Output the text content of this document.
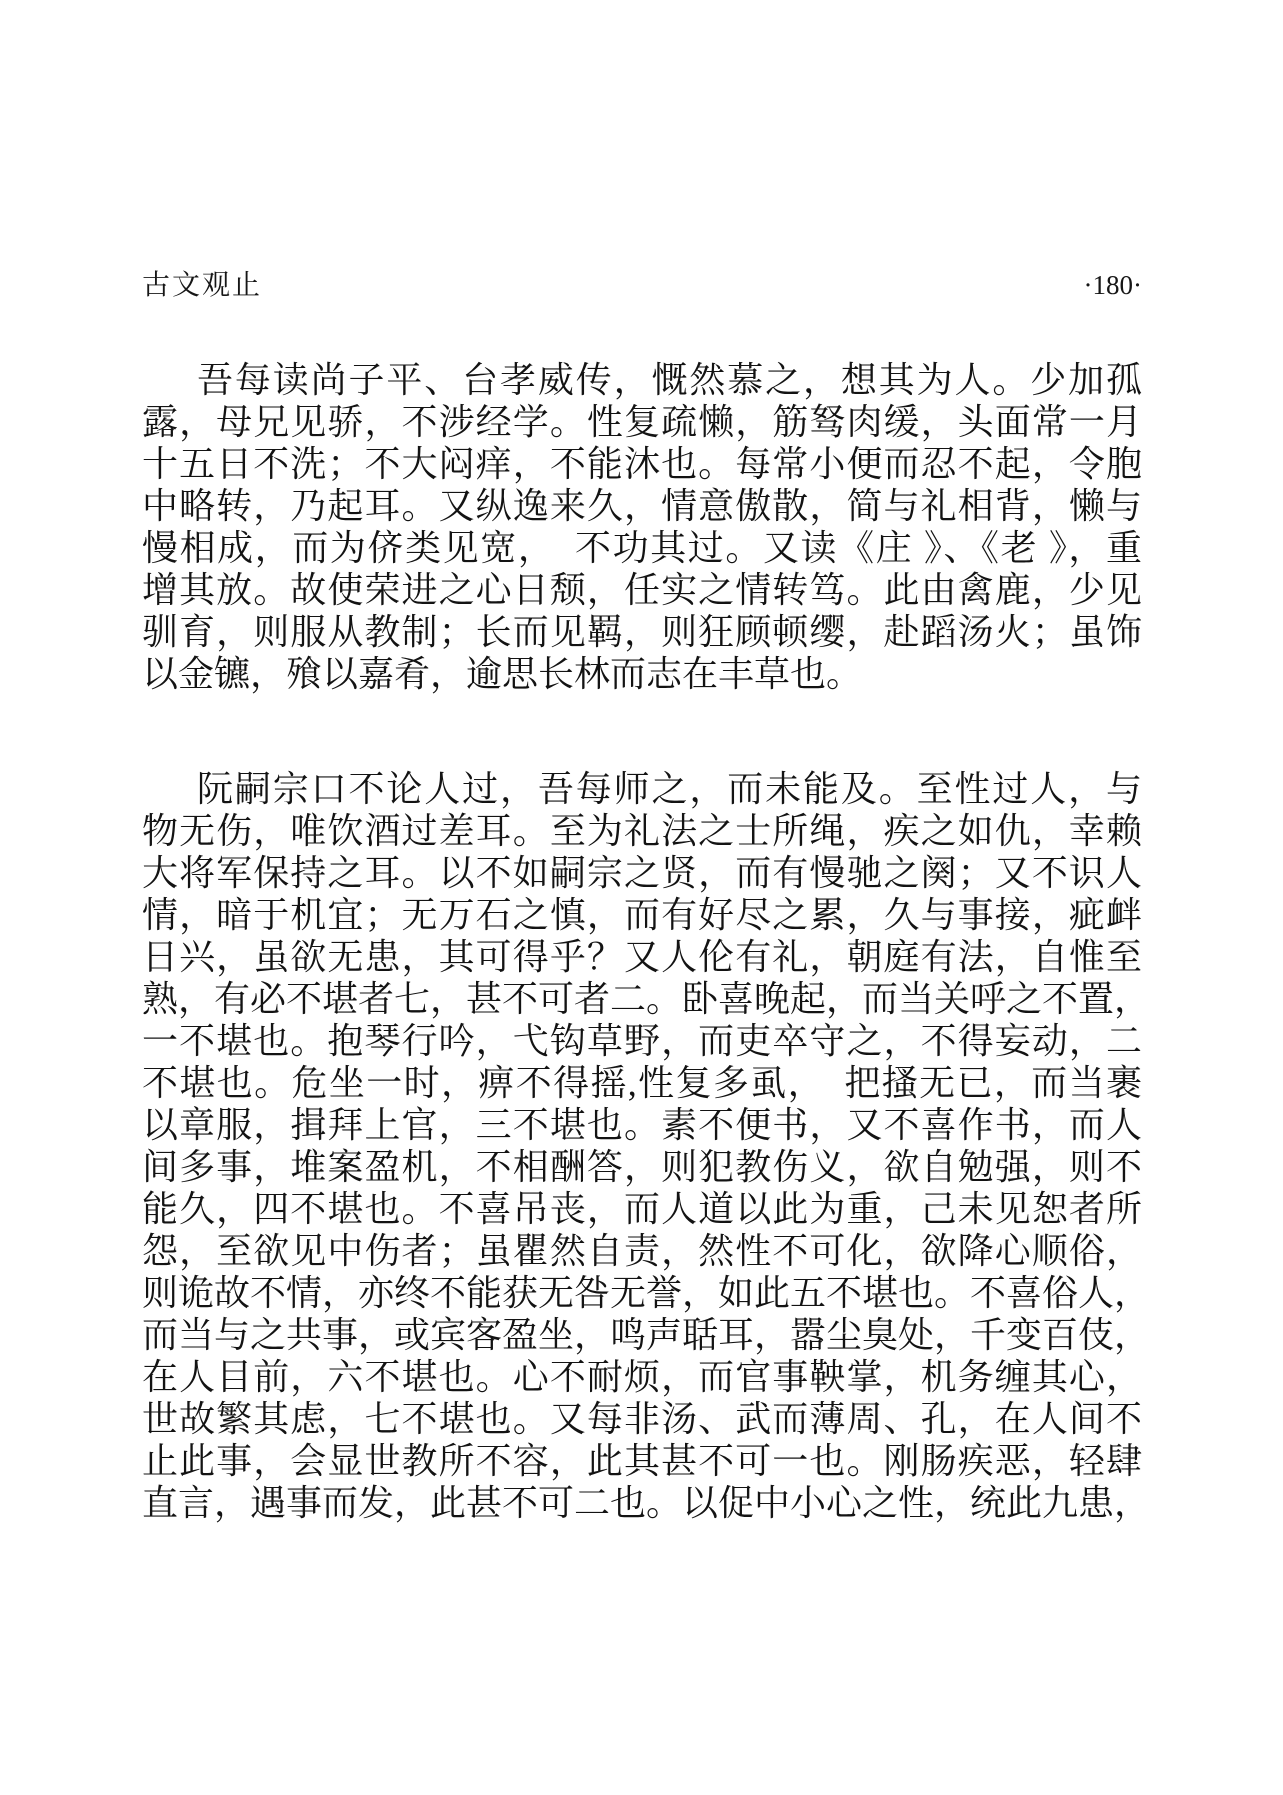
古文观止	·180·
吾每读尚子平、台孝威传，慨然慕之，想其为人。少加孤
露，母兄见骄，不涉经学。性复疏懒，筋驽肉缓，头面常一月
十五日不洗；不大闷痒，不能沐也。每常小便而忍不起，令胞
中略转，乃起耳。又纵逸来久，情意傲散，简与礼相背，懒与
慢相成，而为侪类见宽，　不功其过。又读《庄 》、《老 》，重
增其放。故使荣进之心日颓，任实之情转笃。此由禽鹿，少见
驯育，则服从教制；长而见羁，则狂顾顿缨，赴蹈汤火；虽饰
以金镳，飱以嘉肴，逾思长林而志在丰草也。
阮嗣宗口不论人过，吾每师之，而未能及。至性过人，与
物无伤，唯饮酒过差耳。至为礼法之士所绳，疾之如仇，幸赖
大将军保持之耳。以不如嗣宗之贤，而有慢驰之阕；又不识人
情，暗于机宜；无万石之慎，而有好尽之累，久与事接，疵衅
日兴，虽欲无患，其可得乎？又人伦有礼，朝庭有法，自惟至
熟，有必不堪者七，甚不可者二。卧喜晚起，而当关呼之不置，
一不堪也。抱琴行吟，弋钩草野，而吏卒守之，不得妄动，二
不堪也。危坐一时，痹不得摇,性复多虱，　把搔无已，而当裹
以章服，揖拜上官，三不堪也。素不便书，又不喜作书，而人
间多事，堆案盈机，不相酬答，则犯教伤义，欲自勉强，则不
能久，四不堪也。不喜吊丧，而人道以此为重，己未见恕者所
怨，至欲见中伤者；虽瞿然自责，然性不可化，欲降心顺俗，
则诡故不情，亦终不能获无咎无誉，如此五不堪也。不喜俗人，
而当与之共事，或宾客盈坐，鸣声聒耳，嚣尘臭处，千变百伎，
在人目前，六不堪也。心不耐烦，而官事鞅掌，机务缠其心，
世故繁其虑，七不堪也。又每非汤、武而薄周、孔，在人间不
止此事，会显世教所不容，此其甚不可一也。刚肠疾恶，轻肆
直言，遇事而发，此甚不可二也。以促中小心之性，统此九患，
